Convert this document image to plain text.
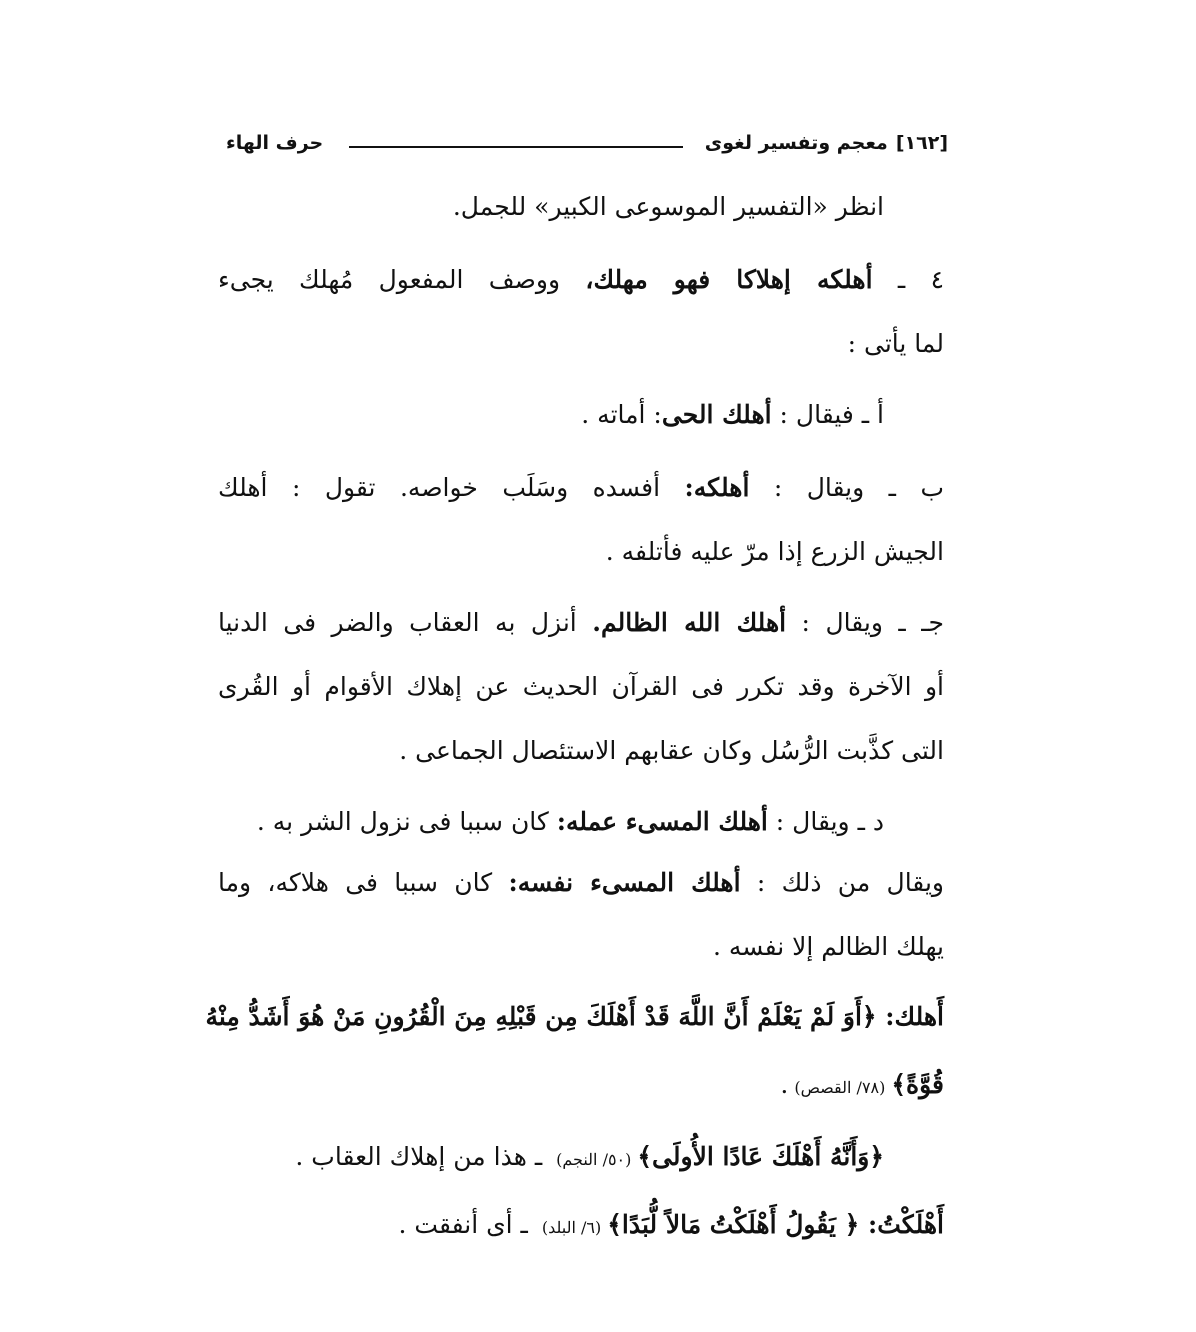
[١٦٢]
معجم وتفسير لغوى
حرف الهاء
انظر «التفسير الموسوعى الكبير» للجمل.
٤ ـ أهلكه إهلاكا فهو مهلك، ووصف المفعول مُهلك يجىء
لما يأتى :
أ ـ فيقال : أهلك الحى: أماته .
ب ـ ويقال : أهلكه: أفسده وسَلَب خواصه. تقول : أهلك
الجيش الزرع إذا مرّ عليه فأتلفه .
جـ ـ ويقال : أهلك الله الظالم. أنزل به العقاب والضر فى الدنيا
أو الآخرة وقد تكرر فى القرآن الحديث عن إهلاك الأقوام أو القُرى
التى كذَّبت الرُّسُل وكان عقابهم الاستئصال الجماعى .
د ـ ويقال : أهلك المسىء عمله: كان سببا فى نزول الشر به .
ويقال من ذلك : أهلك المسىء نفسه: كان سببا فى هلاكه، وما
يهلك الظالم إلا نفسه .
أَهلك: ﴿أَوَ لَمْ يَعْلَمْ أَنَّ اللَّهَ قَدْ أَهْلَكَ مِن قَبْلِهِ مِنَ الْقُرُونِ مَنْ هُوَ أَشَدُّ مِنْهُ
قُوَّةً﴾(٧٨/ القصص).
﴿وَأَنَّهُ أَهْلَكَ عَادًا الأُولَى﴾(٥٠/ النجم) ـ هذا من إهلاك العقاب .
أَهْلَكْتُ: ﴿ يَقُولُ أَهْلَكْتُ مَالاً لُّبَدًا﴾(٦/ البلد) ـ أى أنفقت .
